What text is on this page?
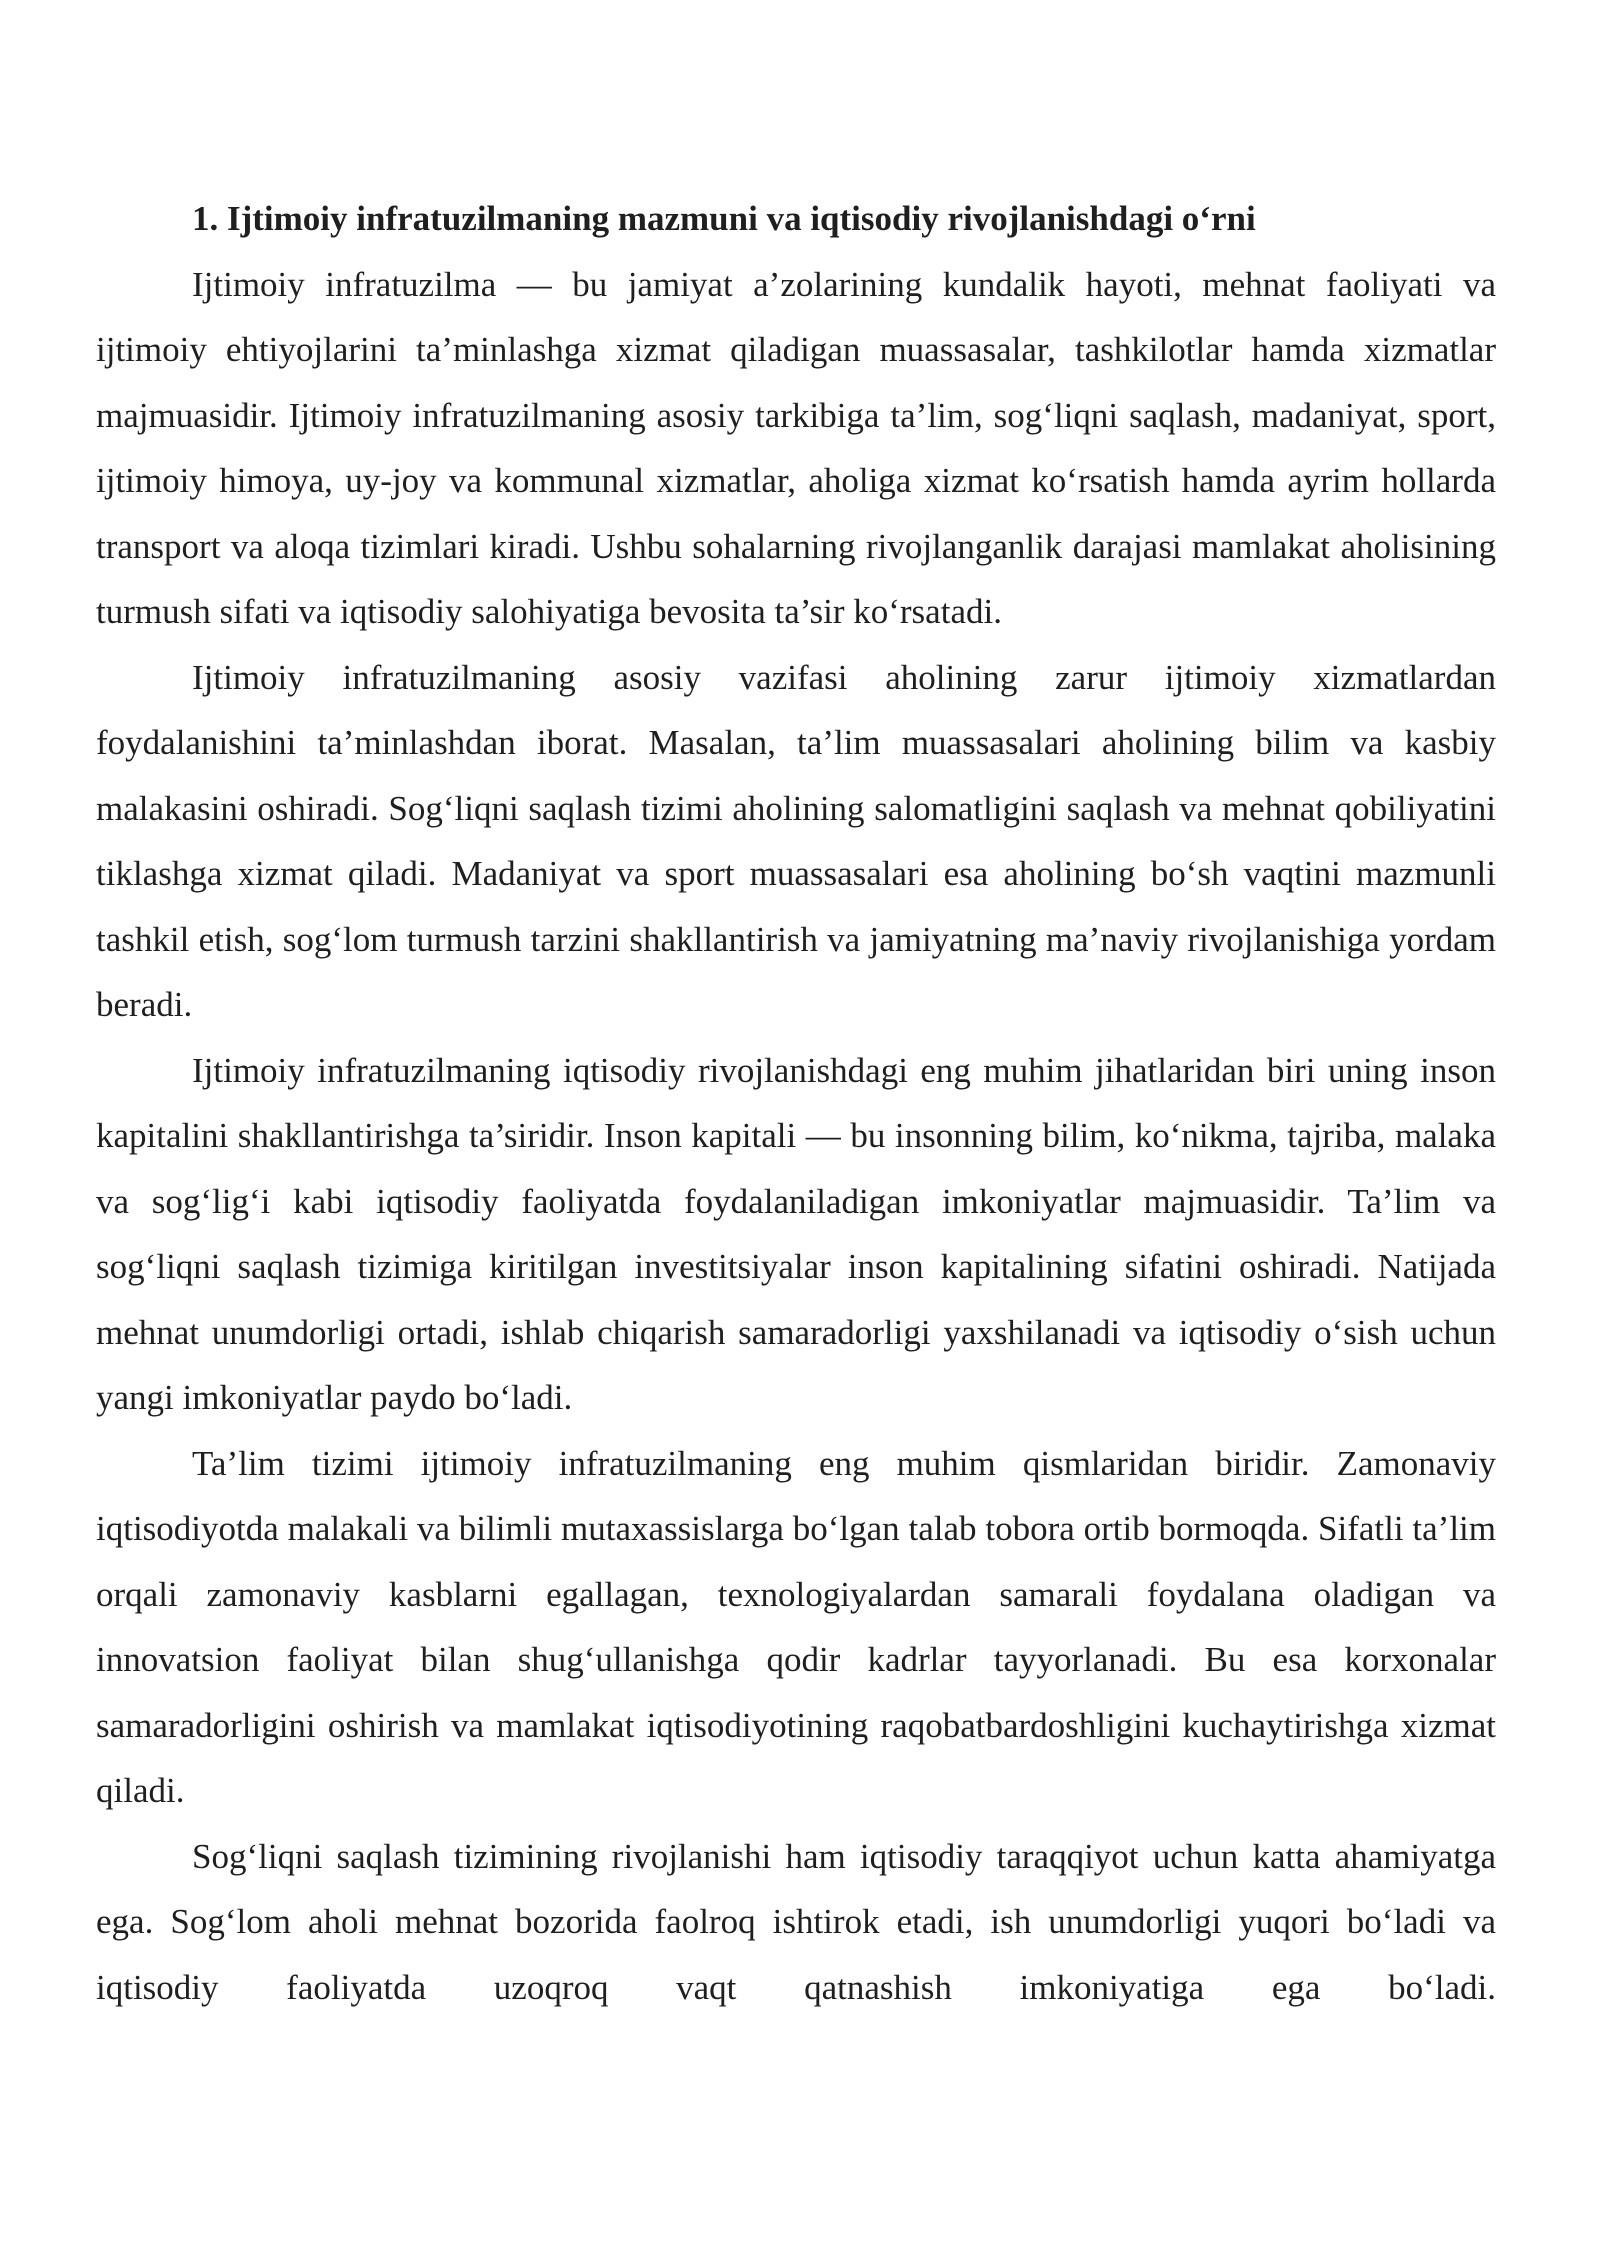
1. Ijtimoiy infratuzilmaning mazmuni va iqtisodiy rivojlanishdagi o‘rni

Ijtimoiy infratuzilma — bu jamiyat a’zolarining kundalik hayoti, mehnat faoliyati va ijtimoiy ehtiyojlarini ta’minlashga xizmat qiladigan muassasalar, tashkilotlar hamda xizmatlar majmuasidir. Ijtimoiy infratuzilmaning asosiy tarkibiga ta’lim, sog‘liqni saqlash, madaniyat, sport, ijtimoiy himoya, uy-joy va kommunal xizmatlar, aholiga xizmat ko‘rsatish hamda ayrim hollarda transport va aloqa tizimlari kiradi. Ushbu sohalarning rivojlanganlik darajasi mamlakat aholisining turmush sifati va iqtisodiy salohiyatiga bevosita ta’sir ko‘rsatadi.

Ijtimoiy infratuzilmaning asosiy vazifasi aholining zarur ijtimoiy xizmatlardan foydalanishini ta’minlashdan iborat. Masalan, ta’lim muassasalari aholining bilim va kasbiy malakasini oshiradi. Sog‘liqni saqlash tizimi aholining salomatligini saqlash va mehnat qobiliyatini tiklashga xizmat qiladi. Madaniyat va sport muassasalari esa aholining bo‘sh vaqtini mazmunli tashkil etish, sog‘lom turmush tarzini shakllantirish va jamiyatning ma’naviy rivojlanishiga yordam beradi.

Ijtimoiy infratuzilmaning iqtisodiy rivojlanishdagi eng muhim jihatlaridan biri uning inson kapitalini shakllantirishga ta’siridir. Inson kapitali — bu insonning bilim, ko‘nikma, tajriba, malaka va sog‘lig‘i kabi iqtisodiy faoliyatda foydalaniladigan imkoniyatlar majmuasidir. Ta’lim va sog‘liqni saqlash tizimiga kiritilgan investitsiyalar inson kapitalining sifatini oshiradi. Natijada mehnat unumdorligi ortadi, ishlab chiqarish samaradorligi yaxshilanadi va iqtisodiy o‘sish uchun yangi imkoniyatlar paydo bo‘ladi.

Ta’lim tizimi ijtimoiy infratuzilmaning eng muhim qismlaridan biridir. Zamonaviy iqtisodiyotda malakali va bilimli mutaxassislarga bo‘lgan talab tobora ortib bormoqda. Sifatli ta’lim orqali zamonaviy kasblarni egallagan, texnologiyalardan samarali foydalana oladigan va innovatsion faoliyat bilan shug‘ullanishga qodir kadrlar tayyorlanadi. Bu esa korxonalar samaradorligini oshirish va mamlakat iqtisodiyotining raqobatbardoshligini kuchaytirishga xizmat qiladi.

Sog‘liqni saqlash tizimining rivojlanishi ham iqtisodiy taraqqiyot uchun katta ahamiyatga ega. Sog‘lom aholi mehnat bozorida faolroq ishtirok etadi, ish unumdorligi yuqori bo‘ladi va iqtisodiy faoliyatda uzoqroq vaqt qatnashish imkoniyatiga ega bo‘ladi.
